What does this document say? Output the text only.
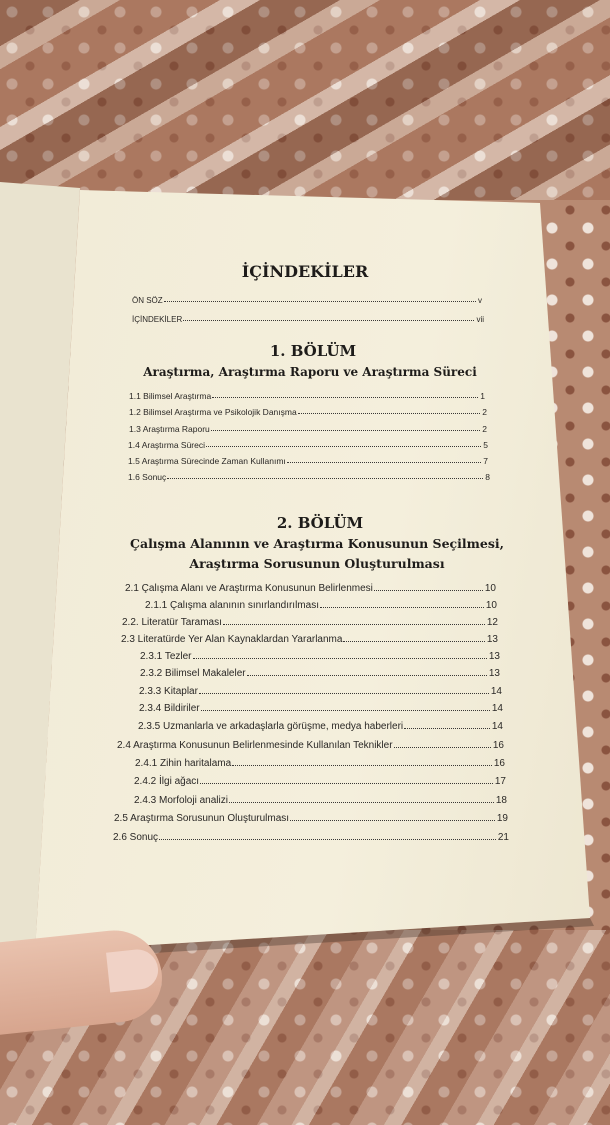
İÇİNDEKİLER
1. BÖLÜM
Araştırma, Araştırma Raporu ve Araştırma Süreci
2. BÖLÜM
Çalışma Alanının ve Araştırma Konusunun Seçilmesi,
Araştırma Sorusunun Oluşturulması
ÖN SÖZ	v
İÇİNDEKİLER	vii
1.1 Bilimsel Araştırma	1
1.2 Bilimsel Araştırma ve Psikolojik Danışma	2
1.3 Araştırma Raporu	2
1.4 Araştırma Süreci	5
1.5 Araştırma Sürecinde Zaman Kullanımı	7
1.6 Sonuç	8
2.1 Çalışma Alanı ve Araştırma Konusunun Belirlenmesi	10
2.1.1 Çalışma alanının sınırlandırılması	10
2.2. Literatür Taraması	12
2.3 Literatürde Yer Alan Kaynaklardan Yararlanma	13
2.3.1 Tezler	13
2.3.2 Bilimsel Makaleler	13
2.3.3 Kitaplar	14
2.3.4 Bildiriler	14
2.3.5 Uzmanlarla ve arkadaşlarla görüşme, medya haberleri	14
2.4 Araştırma Konusunun Belirlenmesinde Kullanılan Teknikler	16
2.4.1 Zihin haritalama	16
2.4.2 İlgi ağacı	17
2.4.3 Morfoloji analizi	18
2.5 Araştırma Sorusunun Oluşturulması	19
2.6 Sonuç	21
